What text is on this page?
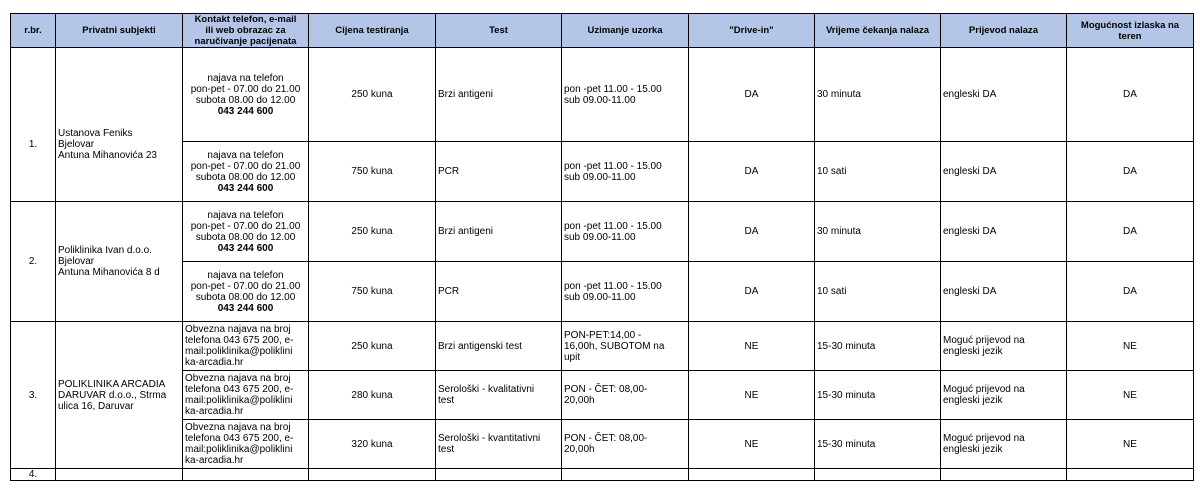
r.br.	Privatni subjekti	Kontakt telefon, e-mail
ili web obrazac za
naručivanje pacijenata	Cijena testiranja	Test	Uzimanje uzorka	"Drive-in"	Vrijeme čekanja nalaza	Prijevod nalaza	Mogućnost izlaska na
teren

1.	Ustanova Feniks
Bjelovar
Antuna Mihanovića 23	najava na telefon
pon-pet - 07.00 do 21.00
subota 08.00 do 12.00
043 244 600	250 kuna	Brzi antigeni	pon -pet 11.00 - 15.00
sub 09.00-11.00	DA	30 minuta	engleski DA	DA

		najava na telefon
pon-pet - 07.00 do 21.00
subota 08.00 do 12.00
043 244 600	750 kuna	PCR	pon -pet 11.00 - 15.00
sub 09.00-11.00	DA	10 sati	engleski DA	DA
2.	Poliklinika Ivan d.o.o.
Bjelovar
Antuna Mihanovića 8 d	najava na telefon
pon-pet - 07.00 do 21.00
subota 08.00 do 12.00
043 244 600	250 kuna	Brzi antigeni	pon -pet 11.00 - 15.00
sub 09.00-11.00	DA	30 minuta	engleski DA	DA

		najava na telefon
pon-pet - 07.00 do 21.00
subota 08.00 do 12.00
043 244 600	750 kuna	PCR	pon -pet 11.00 - 15.00
sub 09.00-11.00	DA	10 sati	engleski DA	DA
3.	POLIKLINIKA ARCADIA
DARUVAR d.o.o., Strma
ulica 16, Daruvar	Obvezna najava na broj
telefona 043 675 200, e-
mail:poliklinika@poliklini
ka-arcadia.hr	250 kuna	Brzi antigenski test	PON-PET:14,00 -
16,00h, SUBOTOM na
upit	NE	15-30 minuta	Moguć prijevod na
engleski jezik	NE

		Obvezna najava na broj
telefona 043 675 200, e-
mail:poliklinika@poliklini
ka-arcadia.hr	280 kuna	Serološki - kvalitativni
test	PON - ČET: 08,00-
20,00h	NE	15-30 minuta	Moguć prijevod na
engleski jezik	NE

		Obvezna najava na broj
telefona 043 675 200, e-
mail:poliklinika@poliklini
ka-arcadia.hr	320 kuna	Serološki - kvantitativni
test	PON - ČET: 08,00-
20,00h	NE	15-30 minuta	Moguć prijevod na
engleski jezik	NE
4.									
